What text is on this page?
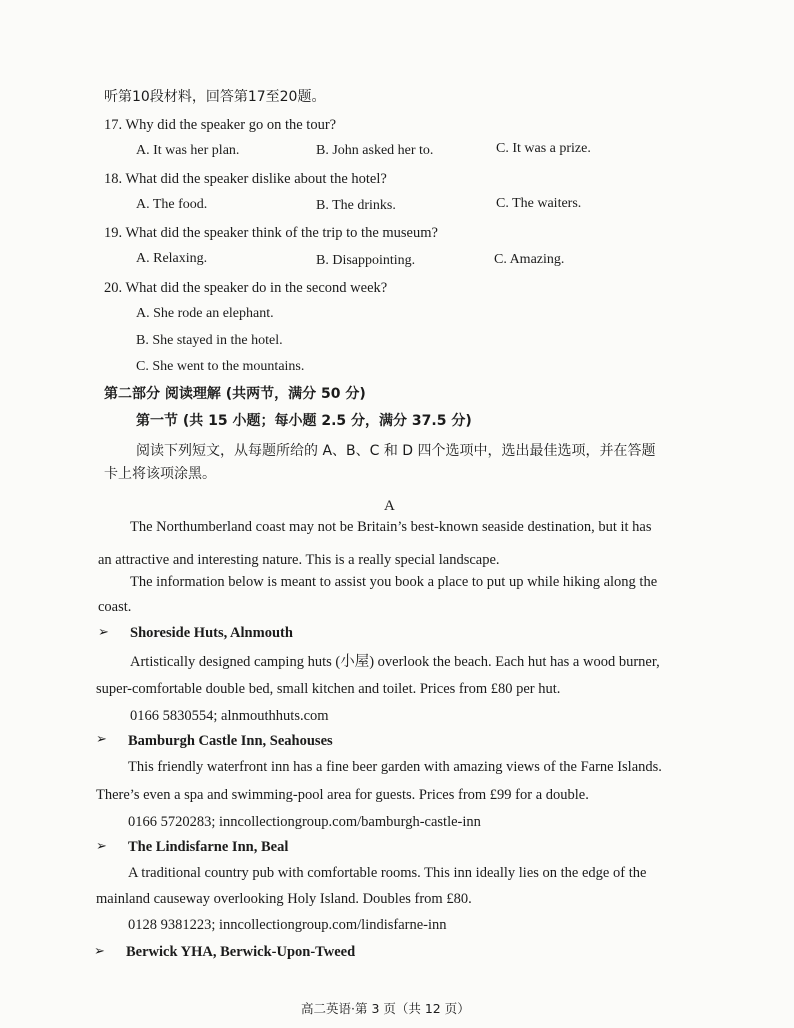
听第10段材料，回答第17至20题。
17. Why did the speaker go on the tour?
A. It was her plan.	B. John asked her to.	C. It was a prize.
18. What did the speaker dislike about the hotel?
A. The food.	B. The drinks.	C. The waiters.
19. What did the speaker think of the trip to the museum?
A. Relaxing.	B. Disappointing.	C. Amazing.
20. What did the speaker do in the second week?
A. She rode an elephant.
B. She stayed in the hotel.
C. She went to the mountains.
第二部分 阅读理解 (共两节，满分 50 分)
第一节 (共 15 小题；每小题 2.5 分，满分 37.5 分)
阅读下列短文，从每题所给的 A、B、C 和 D 四个选项中，选出最佳选项，并在答题
卡上将该项涂黑。
A
The Northumberland coast may not be Britain’s best-known seaside destination, but it has
an attractive and interesting nature. This is a really special landscape.
The information below is meant to assist you book a place to put up while hiking along the
coast.
➢ Shoreside Huts, Alnmouth
Artistically designed camping huts (小屋) overlook the beach. Each hut has a wood burner,
super-comfortable double bed, small kitchen and toilet. Prices from £80 per hut.
0166 5830554; alnmouthhuts.com
➢ Bamburgh Castle Inn, Seahouses
This friendly waterfront inn has a fine beer garden with amazing views of the Farne Islands.
There’s even a spa and swimming-pool area for guests. Prices from £99 for a double.
0166 5720283; inncollectiongroup.com/bamburgh-castle-inn
➢ The Lindisfarne Inn, Beal
A traditional country pub with comfortable rooms. This inn ideally lies on the edge of the
mainland causeway overlooking Holy Island. Doubles from £80.
0128 9381223; inncollectiongroup.com/lindisfarne-inn
➢ Berwick YHA, Berwick-Upon-Tweed
高二英语·第 3 页（共 12 页）
